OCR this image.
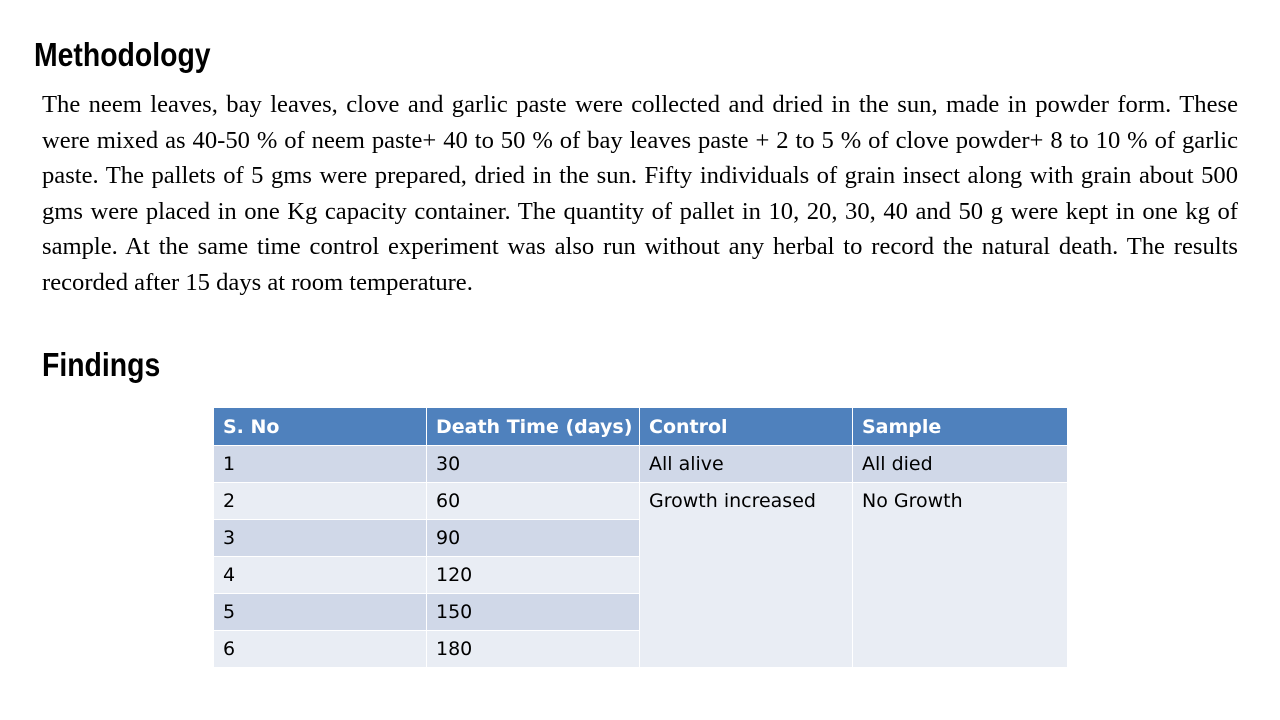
Methodology

The neem leaves, bay leaves, clove and garlic paste were collected and dried in the sun, made in powder form. These were mixed as 40-50 % of neem paste+ 40 to 50 % of bay leaves paste + 2 to 5 % of clove powder+ 8 to 10 % of garlic paste. The pallets of 5 gms were prepared, dried in the sun. Fifty individuals of grain insect along with grain about 500 gms were placed in one Kg capacity container. The quantity of pallet in 10, 20, 30, 40 and 50 g were kept in one kg of sample. At the same time control experiment was also run without any herbal to record the natural death. The results recorded after 15 days at room temperature.

Findings
S. No	Death Time (days)	Control	Sample
1	30	All alive	All died
2	60	Growth increased	No Growth
3	90		
4	120		
5	150		
6	180		
